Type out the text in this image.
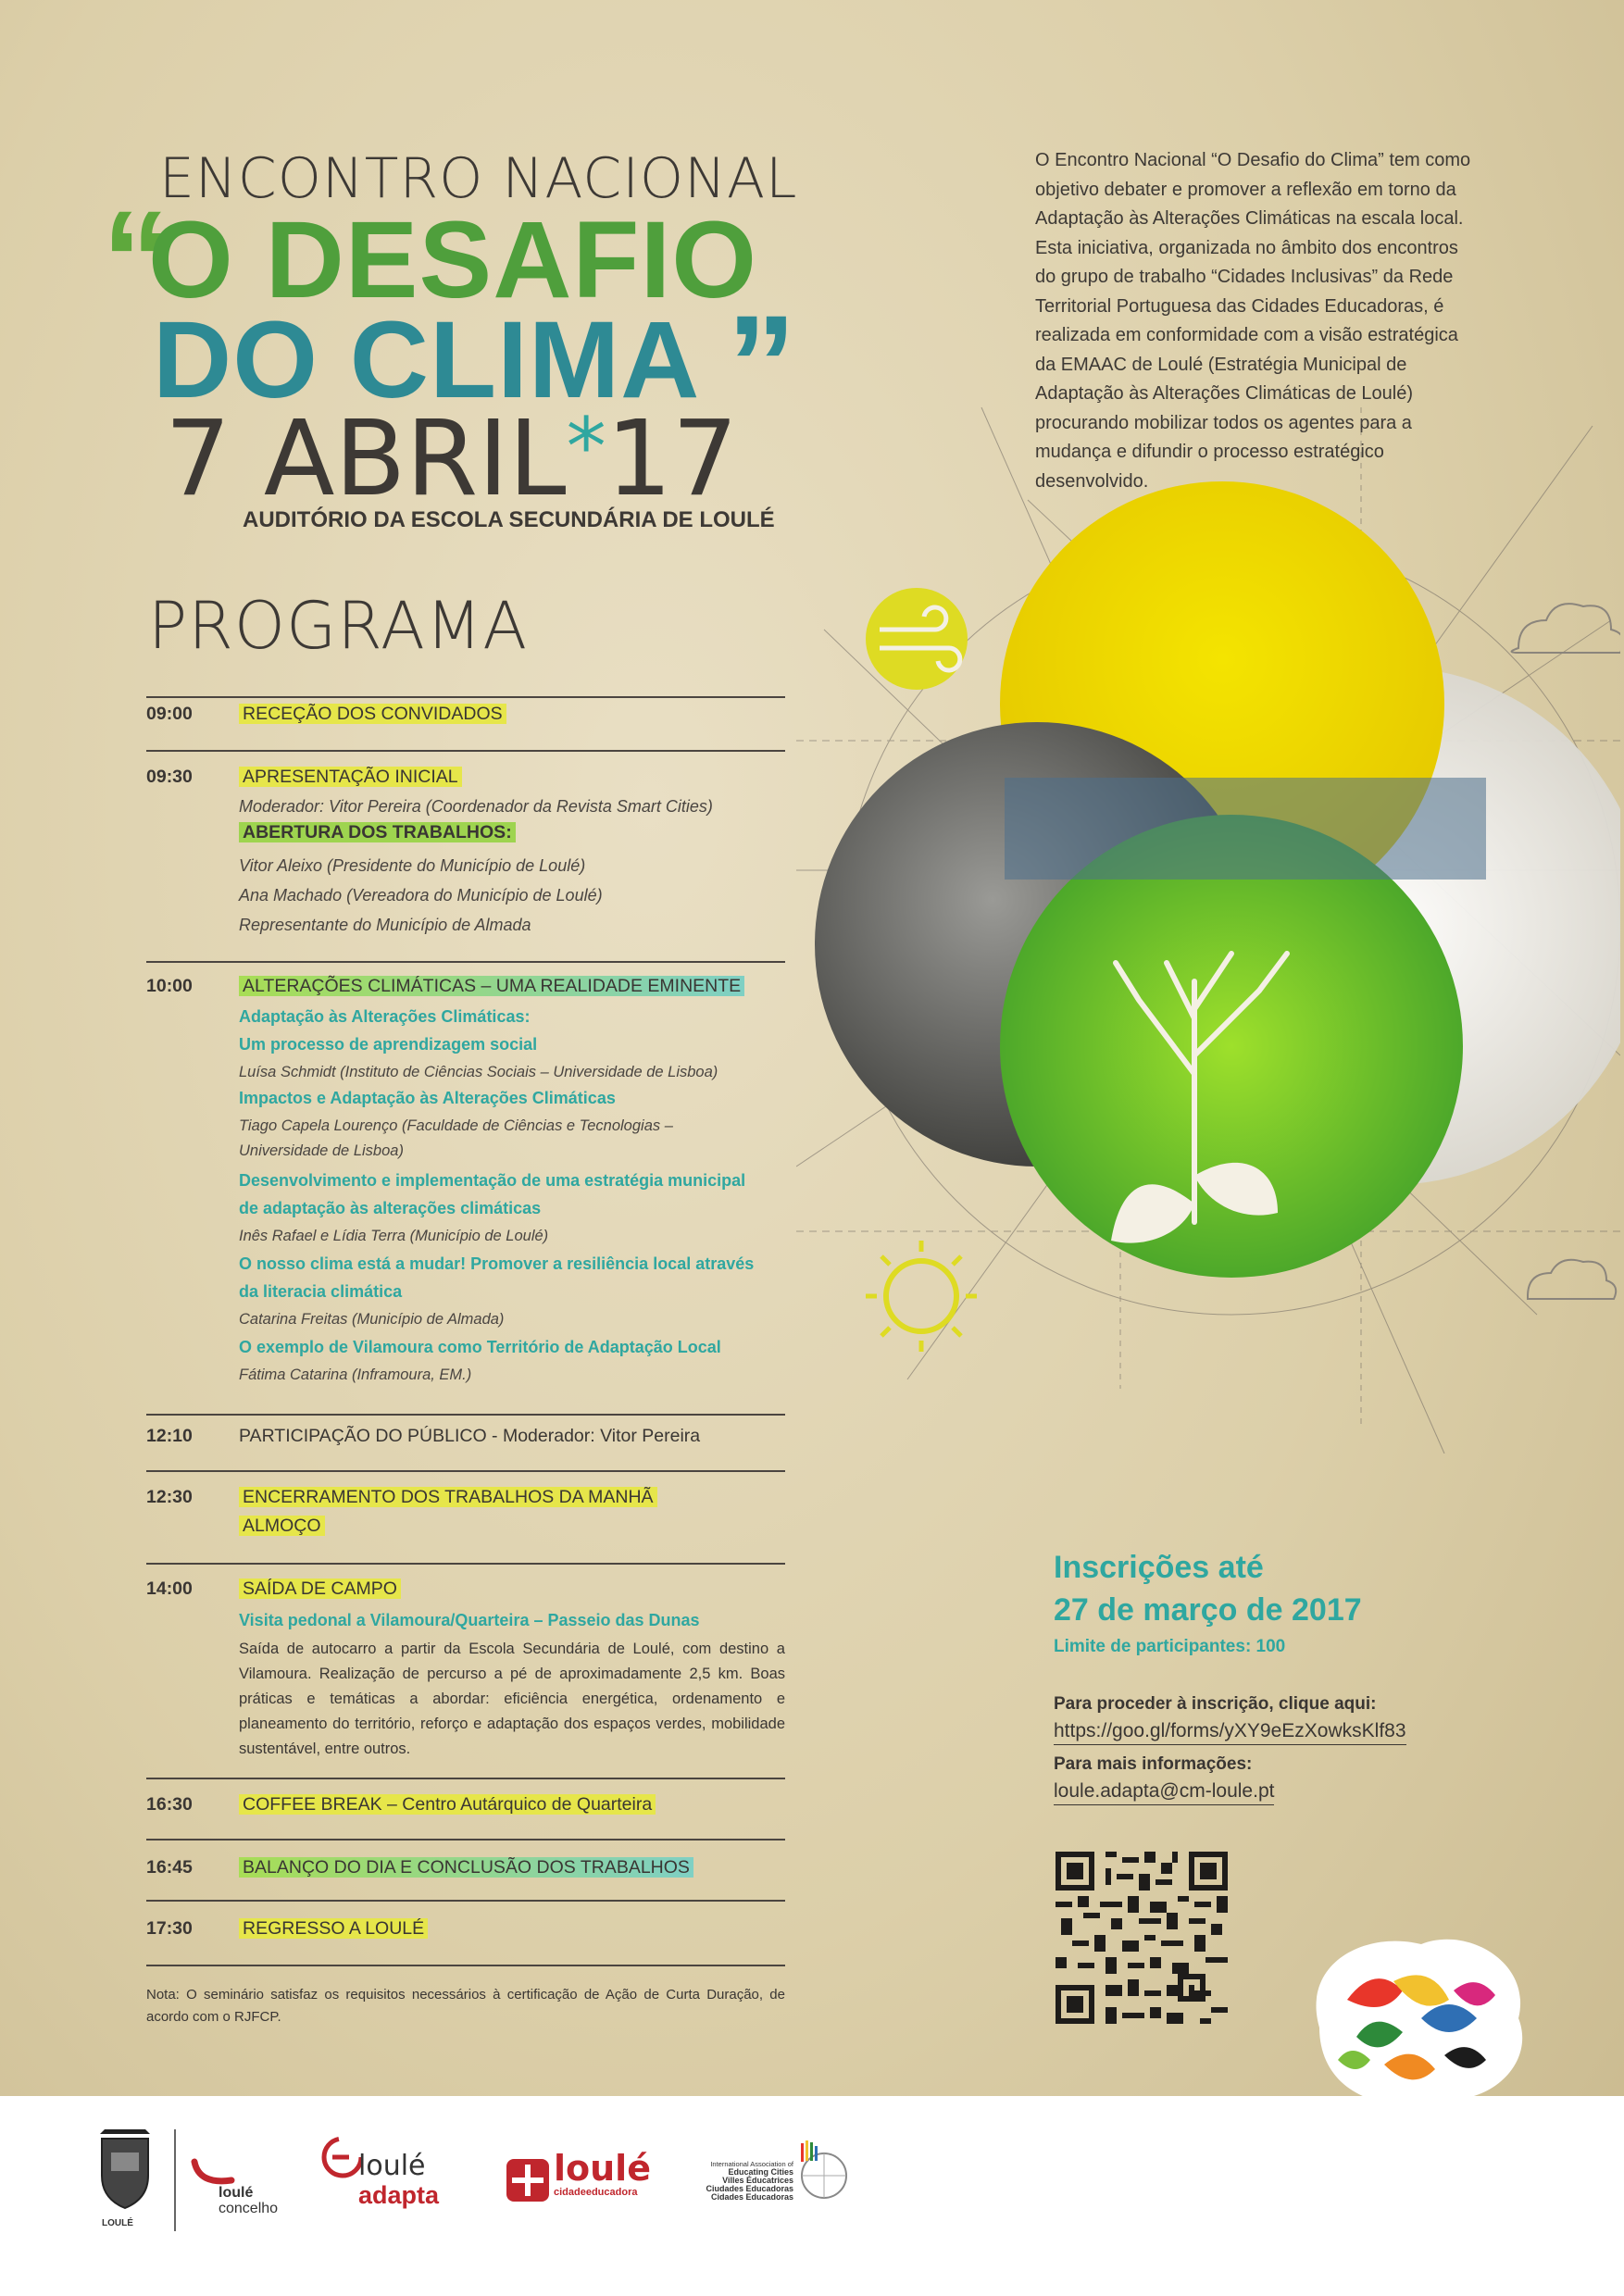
ENCONTRO NACIONAL
“
O DESAFIO
DO CLIMA ”
7 ABRIL*17
AUDITÓRIO DA ESCOLA SECUNDÁRIA DE LOULÉ
PROGRAMA
O Encontro Nacional “O Desafio do Clima” tem como objetivo debater e promover a reflexão em torno da Adaptação às Alterações Climáticas na escala local. Esta iniciativa, organizada no âmbito dos encontros do grupo de trabalho “Cidades Inclusivas” da Rede Territorial Portuguesa das Cidades Educadoras, é realizada em conformidade com a visão estratégica da EMAAC de Loulé (Estratégia Municipal de Adaptação às Alterações Climáticas de Loulé) procurando mobilizar todos os agentes para a mudança e difundir o processo estratégico desenvolvido.
09:00	RECEÇÃO DOS CONVIDADOS
09:30	APRESENTAÇÃO INICIAL
Moderador: Vitor Pereira (Coordenador da Revista Smart Cities)
ABERTURA DOS TRABALHOS:
Vitor Aleixo (Presidente do Município de Loulé)
Ana Machado (Vereadora do Município de Loulé)
Representante do Município de Almada
10:00	ALTERAÇÕES CLIMÁTICAS – UMA REALIDADE EMINENTE
Adaptação às Alterações Climáticas:
Um processo de aprendizagem social
Luísa Schmidt (Instituto de Ciências Sociais – Universidade de Lisboa)
Impactos e Adaptação às Alterações Climáticas
Tiago Capela Lourenço (Faculdade de Ciências e Tecnologias –
Universidade de Lisboa)
Desenvolvimento e implementação de uma estratégia municipal
de adaptação às alterações climáticas
Inês Rafael e Lídia Terra (Município de Loulé)
O nosso clima está a mudar! Promover a resiliência local através
da literacia climática
Catarina Freitas (Município de Almada)
O exemplo de Vilamoura como Território de Adaptação Local
Fátima Catarina (Inframoura, EM.)
12:10	PARTICIPAÇÃO DO PÚBLICO - Moderador: Vitor Pereira
12:30	ENCERRAMENTO DOS TRABALHOS DA MANHÃ
ALMOÇO
14:00	SAÍDA DE CAMPO
Visita pedonal a Vilamoura/Quarteira – Passeio das Dunas
Saída de autocarro a partir da Escola Secundária de Loulé, com destino a Vilamoura. Realização de percurso a pé de aproximadamente 2,5 km. Boas práticas e temáticas a abordar: eficiência energética, ordenamento e planeamento do território, reforço e adaptação dos espaços verdes, mobilidade sustentável, entre outros.
16:30	COFFEE BREAK – Centro Autárquico de Quarteira
16:45	BALANÇO DO DIA E CONCLUSÃO DOS TRABALHOS
17:30	REGRESSO A LOULÉ
Nota: O seminário satisfaz os requisitos necessários à certificação de Ação de Curta Duração, de acordo com o RJFCP.
Inscrições até
27 de março de 2017
Limite de participantes: 100
Para proceder à inscrição, clique aqui:
https://goo.gl/forms/yXY9eEzXowksKlf83
Para mais informações:
loule.adapta@cm-loule.pt
LOULÉ
loulé
concelho
loulé
adapta
loulé
cidadeeducadora
International Association of
Educating Cities
Villes Éducatrices
Ciudades Educadoras
Cidades Educadoras
